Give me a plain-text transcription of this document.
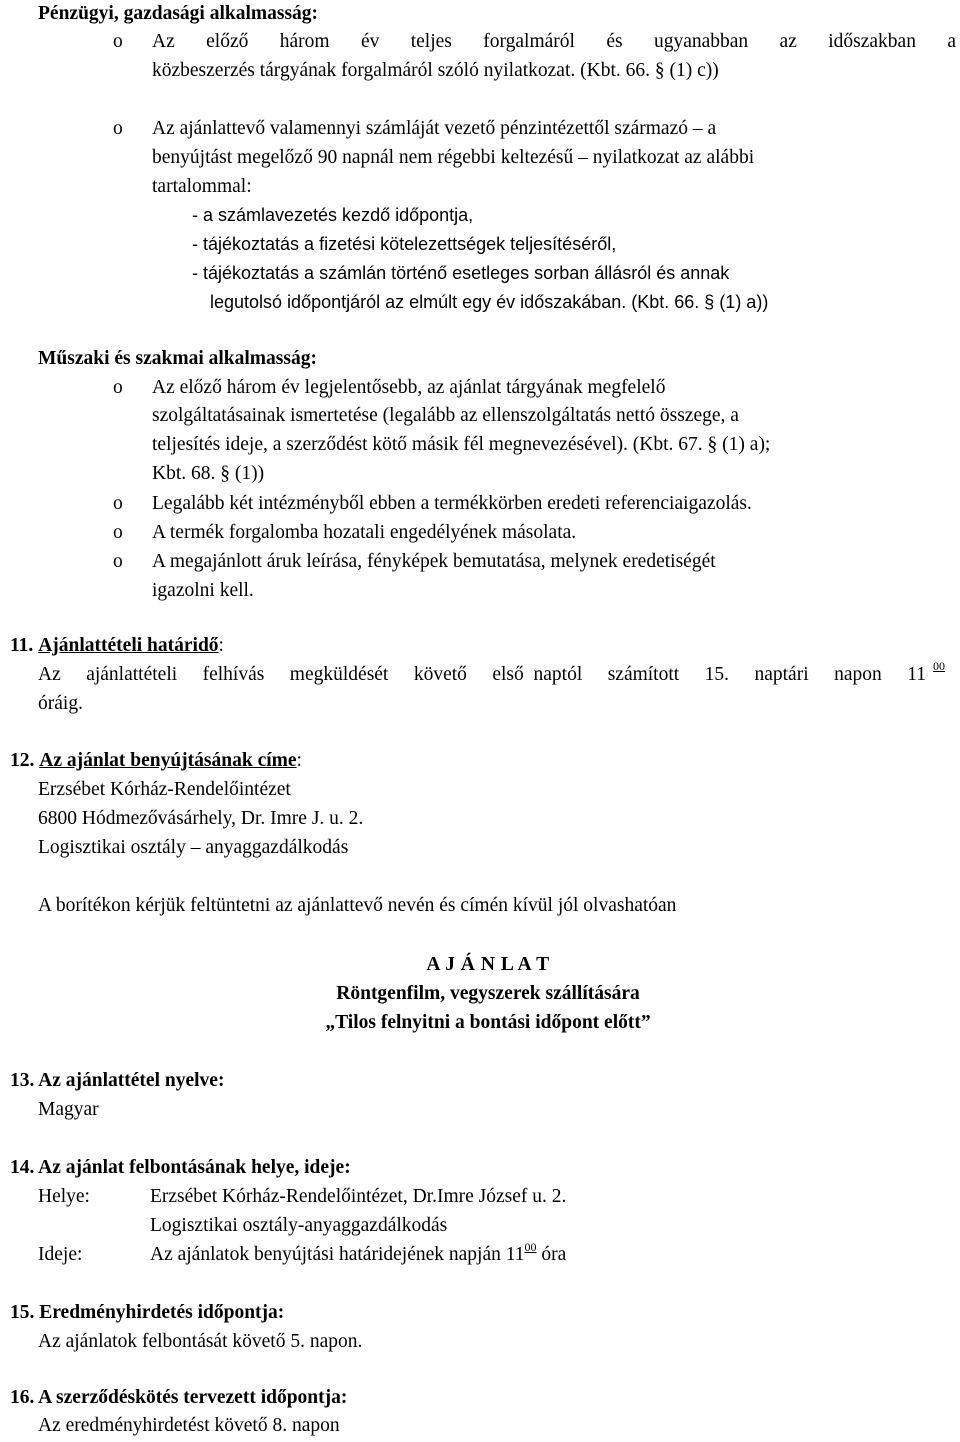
Pénzügyi, gazdasági alkalmasság:
o Az előző három év teljes forgalmáról és ugyanabban az időszakban a
közbeszerzés tárgyának forgalmáról szóló nyilatkozat. (Kbt. 66. § (1) c))
o Az ajánlattevő valamennyi számláját vezető pénzintézettől származó – a
benyújtást megelőző 90 napnál nem régebbi keltezésű – nyilatkozat az alábbi
tartalommal:
- a számlavezetés kezdő időpontja,
- tájékoztatás a fizetési kötelezettségek teljesítéséről,
- tájékoztatás a számlán történő esetleges sorban állásról és annak
legutolsó időpontjáról az elmúlt egy év időszakában. (Kbt. 66. § (1) a))
Műszaki és szakmai alkalmasság:
o Az előző három év legjelentősebb, az ajánlat tárgyának megfelelő
szolgáltatásainak ismertetése (legalább az ellenszolgáltatás nettó összege, a
teljesítés ideje, a szerződést kötő másik fél megnevezésével). (Kbt. 67. § (1) a);
Kbt. 68. § (1))
o Legalább két intézményből ebben a termékkörben eredeti referenciaigazolás.
o A termék forgalomba hozatali engedélyének másolata.
o A megajánlott áruk leírása, fényképek bemutatása, melynek eredetiségét
igazolni kell.
11. Ajánlattételi határidő:
Az ajánlattételi felhívás megküldését követő első  naptól számított 15. naptári napon 11 00
óráig.
12. Az ajánlat benyújtásának címe:
Erzsébet Kórház-Rendelőintézet
6800 Hódmezővásárhely, Dr. Imre J. u. 2.
Logisztikai osztály – anyaggazdálkodás
A borítékon kérjük feltüntetni az ajánlattevő nevén és címén kívül jól olvashatóan
A J Á N L A T
Röntgenfilm, vegyszerek szállítására
„Tilos felnyitni a bontási időpont előtt”
13. Az ajánlattétel nyelve:
Magyar
14. Az ajánlat felbontásának helye, ideje:
Helye:	Erzsébet Kórház-Rendelőintézet, Dr.Imre József u. 2.
Logisztikai osztály-anyaggazdálkodás
Ideje:	Az ajánlatok benyújtási határidejének napján $11^{00}$ óra
15. Eredményhirdetés időpontja:
Az ajánlatok felbontását követő 5. napon.
16. A szerződéskötés tervezett időpontja:
Az eredményhirdetést követő 8. napon
